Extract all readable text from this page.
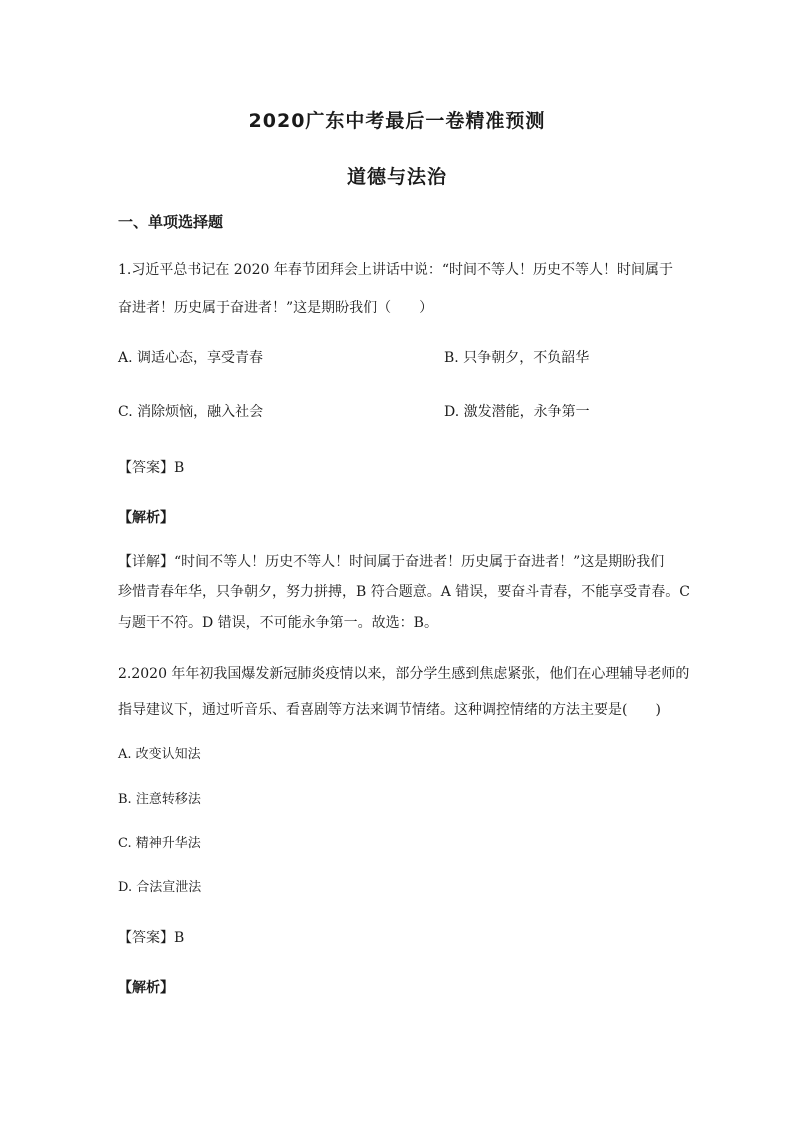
2020广东中考最后一卷精准预测
道德与法治
一、单项选择题
1.习近平总书记在 2020 年春节团拜会上讲话中说：“时间不等人！历史不等人！时间属于
奋进者！历史属于奋进者！”这是期盼我们（　　）
A. 调适心态，享受青春	B. 只争朝夕，不负韶华
C. 消除烦恼，融入社会	D. 激发潜能，永争第一
【答案】B
【解析】
【详解】“时间不等人！历史不等人！时间属于奋进者！历史属于奋进者！”这是期盼我们
珍惜青春年华，只争朝夕，努力拼搏，B 符合题意。A 错误，要奋斗青春，不能享受青春。C
与题干不符。D 错误，不可能永争第一。故选：B。
2.2020 年年初我国爆发新冠肺炎疫情以来，部分学生感到焦虑紧张，他们在心理辅导老师的
指导建议下，通过听音乐、看喜剧等方法来调节情绪。这种调控情绪的方法主要是(　　)
A. 改变认知法
B. 注意转移法
C. 精神升华法
D. 合法宣泄法
【答案】B
【解析】
